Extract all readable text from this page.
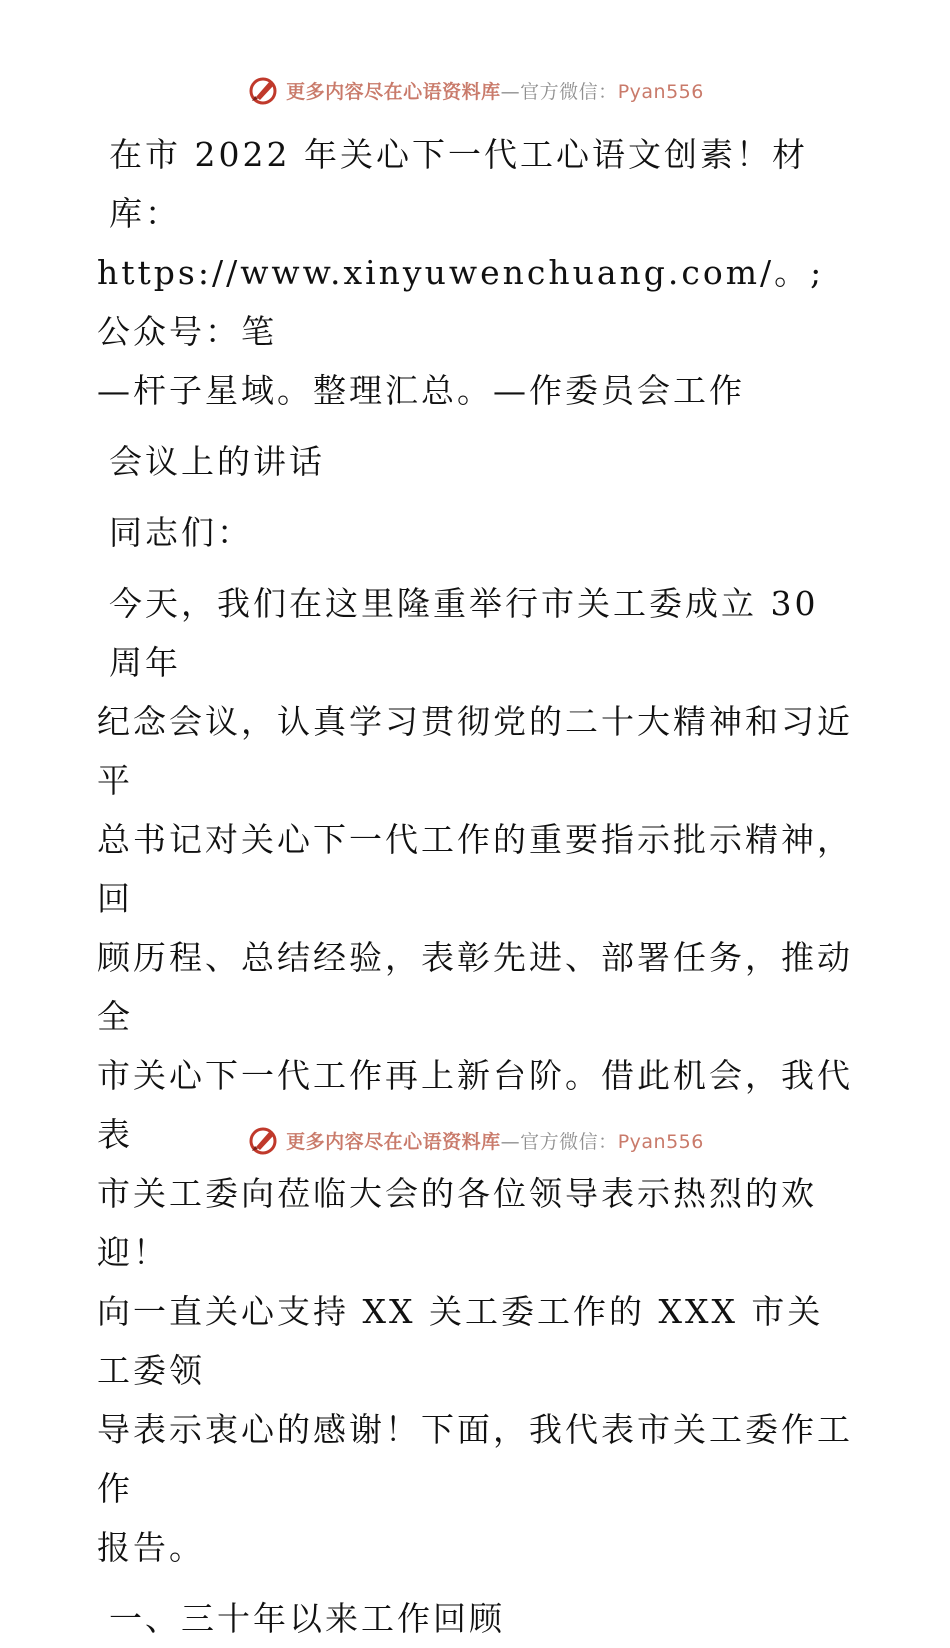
更多内容尽在心语资料库—官方微信：Pyan556

在市 2022 年关心下一代工心语文创素！材库：

https://www.xinyuwenchuang.com/。;公众号：笔

—杆子星域。整理汇总。—作委员会工作

会议上的讲话

同志们：

今天，我们在这里隆重举行市关工委成立 30 周年

纪念会议，认真学习贯彻党的二十大精神和习近平

总书记对关心下一代工作的重要指示批示精神，回

顾历程、总结经验，表彰先进、部署任务，推动全

市关心下一代工作再上新台阶。借此机会，我代表

市关工委向莅临大会的各位领导表示热烈的欢迎！

向一直关心支持 XX 关工委工作的 XXX 市关工委领

导表示衷心的感谢！下面，我代表市关工委作工作

报告。

一、三十年以来工作回顾

更多内容尽在心语资料库—官方微信：Pyan556
